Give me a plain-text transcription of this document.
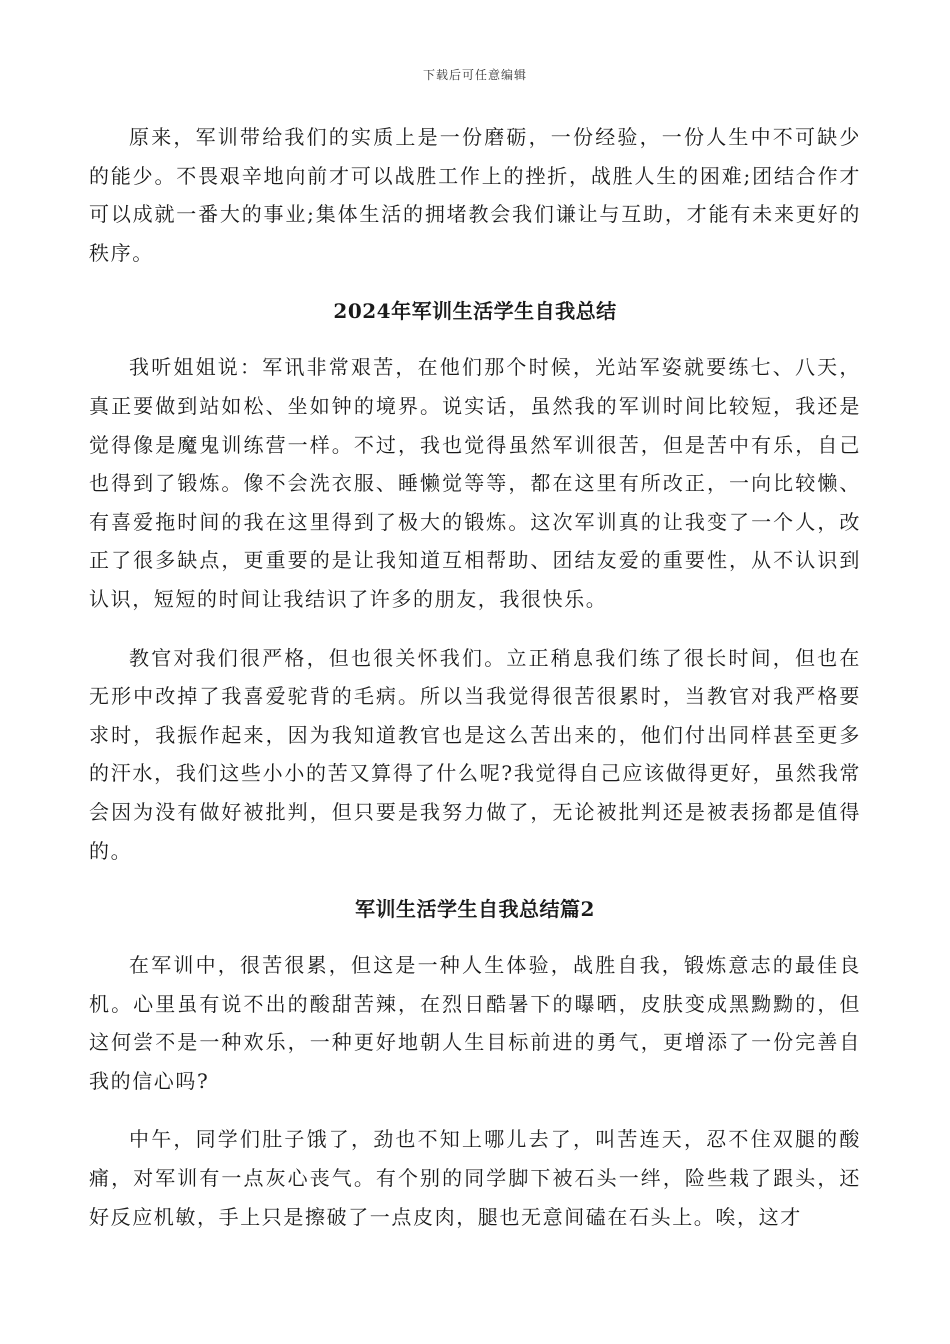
下载后可任意编辑

原来，军训带给我们的实质上是一份磨砺，一份经验，一份人生中不可缺少的能少。不畏艰辛地向前才可以战胜工作上的挫折，战胜人生的困难;团结合作才可以成就一番大的事业;集体生活的拥堵教会我们谦让与互助，才能有未来更好的秩序。

2024年军训生活学生自我总结

我听姐姐说：军讯非常艰苦，在他们那个时候，光站军姿就要练七、八天，真正要做到站如松、坐如钟的境界。说实话，虽然我的军训时间比较短，我还是觉得像是魔鬼训练营一样。不过，我也觉得虽然军训很苦，但是苦中有乐，自己也得到了锻炼。像不会洗衣服、睡懒觉等等，都在这里有所改正，一向比较懒、有喜爱拖时间的我在这里得到了极大的锻炼。这次军训真的让我变了一个人，改正了很多缺点，更重要的是让我知道互相帮助、团结友爱的重要性，从不认识到认识，短短的时间让我结识了许多的朋友，我很快乐。

教官对我们很严格，但也很关怀我们。立正稍息我们练了很长时间，但也在无形中改掉了我喜爱驼背的毛病。所以当我觉得很苦很累时，当教官对我严格要求时，我振作起来，因为我知道教官也是这么苦出来的，他们付出同样甚至更多的汗水，我们这些小小的苦又算得了什么呢?我觉得自己应该做得更好，虽然我常会因为没有做好被批判，但只要是我努力做了，无论被批判还是被表扬都是值得的。

军训生活学生自我总结篇2

在军训中，很苦很累，但这是一种人生体验，战胜自我，锻炼意志的最佳良机。心里虽有说不出的酸甜苦辣，在烈日酷暑下的曝晒，皮肤变成黑黝黝的，但这何尝不是一种欢乐，一种更好地朝人生目标前进的勇气，更增添了一份完善自我的信心吗?

中午，同学们肚子饿了，劲也不知上哪儿去了，叫苦连天，忍不住双腿的酸痛，对军训有一点灰心丧气。有个别的同学脚下被石头一绊，险些栽了跟头，还好反应机敏，手上只是擦破了一点皮肉，腿也无意间磕在石头上。唉，这才
